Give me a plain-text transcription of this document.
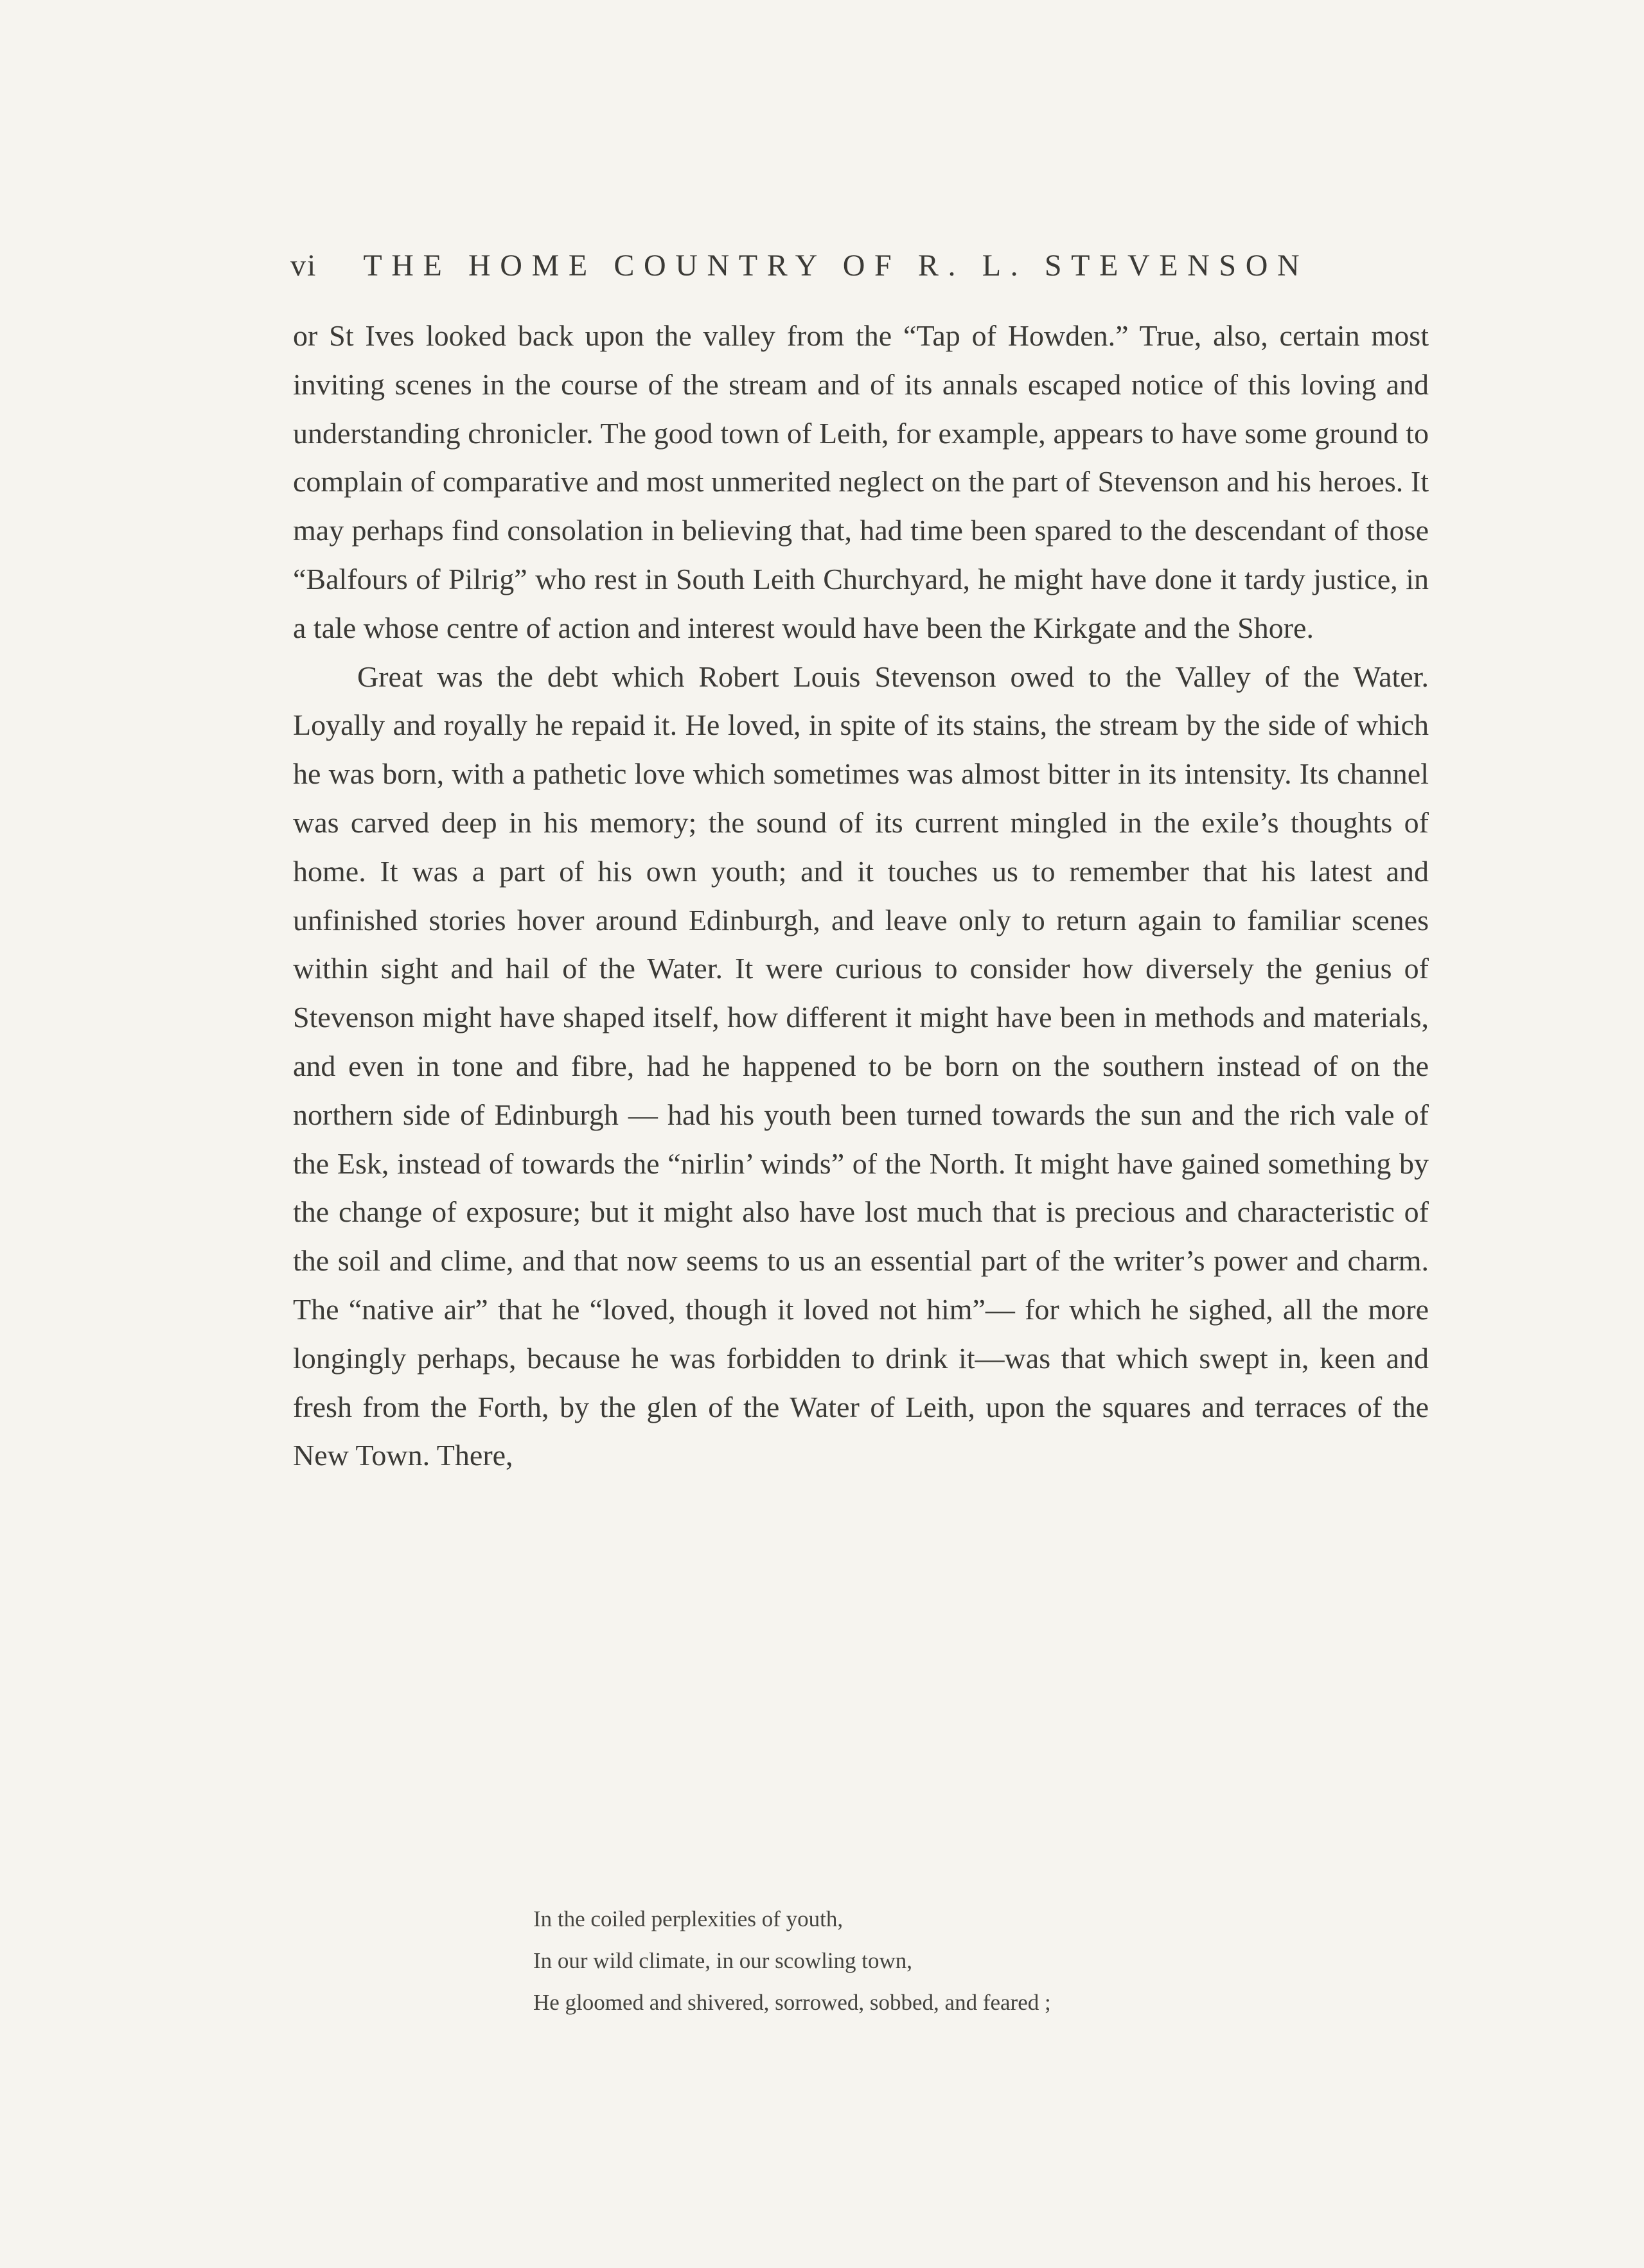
vi THE HOME COUNTRY OF R. L. STEVENSON

or St Ives looked back upon the valley from the “Tap of Howden.” True, also, certain most inviting scenes in the course of the stream and of its annals escaped notice of this loving and understanding chronicler. The good town of Leith, for example, appears to have some ground to complain of comparative and most unmerited neglect on the part of Stevenson and his heroes. It may perhaps find consolation in believing that, had time been spared to the descendant of those “Balfours of Pilrig” who rest in South Leith Churchyard, he might have done it tardy justice, in a tale whose centre of action and interest would have been the Kirkgate and the Shore.

Great was the debt which Robert Louis Stevenson owed to the Valley of the Water. Loyally and royally he repaid it. He loved, in spite of its stains, the stream by the side of which he was born, with a pathetic love which sometimes was almost bitter in its intensity. Its channel was carved deep in his memory; the sound of its current mingled in the exile’s thoughts of home. It was a part of his own youth; and it touches us to remember that his latest and unfinished stories hover around Edinburgh, and leave only to return again to familiar scenes within sight and hail of the Water. It were curious to consider how diversely the genius of Stevenson might have shaped itself, how different it might have been in methods and materials, and even in tone and fibre, had he happened to be born on the southern instead of on the northern side of Edinburgh — had his youth been turned towards the sun and the rich vale of the Esk, instead of towards the “nirlin’ winds” of the North. It might have gained something by the change of exposure; but it might also have lost much that is precious and characteristic of the soil and clime, and that now seems to us an essential part of the writer’s power and charm. The “native air” that he “loved, though it loved not him”— for which he sighed, all the more longingly perhaps, because he was forbidden to drink it—was that which swept in, keen and fresh from the Forth, by the glen of the Water of Leith, upon the squares and terraces of the New Town. There,

In the coiled perplexities of youth,
In our wild climate, in our scowling town,
He gloomed and shivered, sorrowed, sobbed, and feared ;
